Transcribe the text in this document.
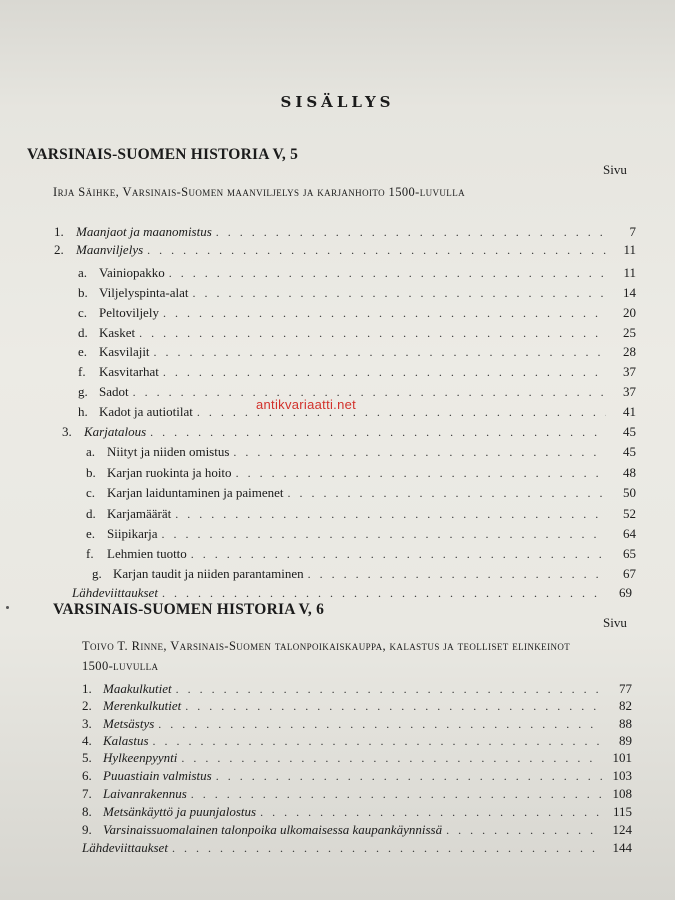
SISÄLLYS
VARSINAIS-SUOMEN HISTORIA V, 5
Sivu
Irja Säihke, Varsinais-Suomen maanviljelys ja karjanhoito 1500-luvulla
VARSINAIS-SUOMEN HISTORIA V, 6
Sivu
Toivo T. Rinne, Varsinais-Suomen talonpoikaiskauppa, kalastus ja teolliset elinkeinot 1500-luvulla
1. Maanjaot ja maanomistus . . .	7
2. Maanviljelys . . .	11
a. Vainiopakko . . .	11
b. Viljelyspinta-alat . . .	14
c. Peltoviljely . . .	20
d. Kasket . . .	25
e. Kasvilajit . . .	28
f.	Kasvitarhat . . .	37
g. Sadot . . .	37
h. Kadot ja autiotilat . . .	41
3. Karjatalous . . .	45
a. Niityt ja niiden omistus . . .	45
b. Karjan ruokinta ja hoito . . .	48
c. Karjan laiduntaminen ja paimenet . . .	50
d. Karjamäärät . . .	52
e. Siipikarja . . .	64
f.	Lehmien tuotto . . .	65
g. Karjan taudit ja niiden parantaminen . . .	67
Lähdeviittaukset . . .	69
1. Maakulkutiet . . .	77
2. Merenkulkutiet . . .	82
3. Metsästys . . .	88
4. Kalastus . . .	89
5. Hylkeenpyynti . . .	101
6. Puuastiain valmistus . . .	103
7. Laivanrakennus . . .	108
8. Metsänkäyttö ja puunjalostus . . .	115
9. Varsinaissuomalainen talonpoika ulkomaisessa kaupankäynnissä . . .	124
Lähdeviittaukset . . .	144
antikvariaatti.net
